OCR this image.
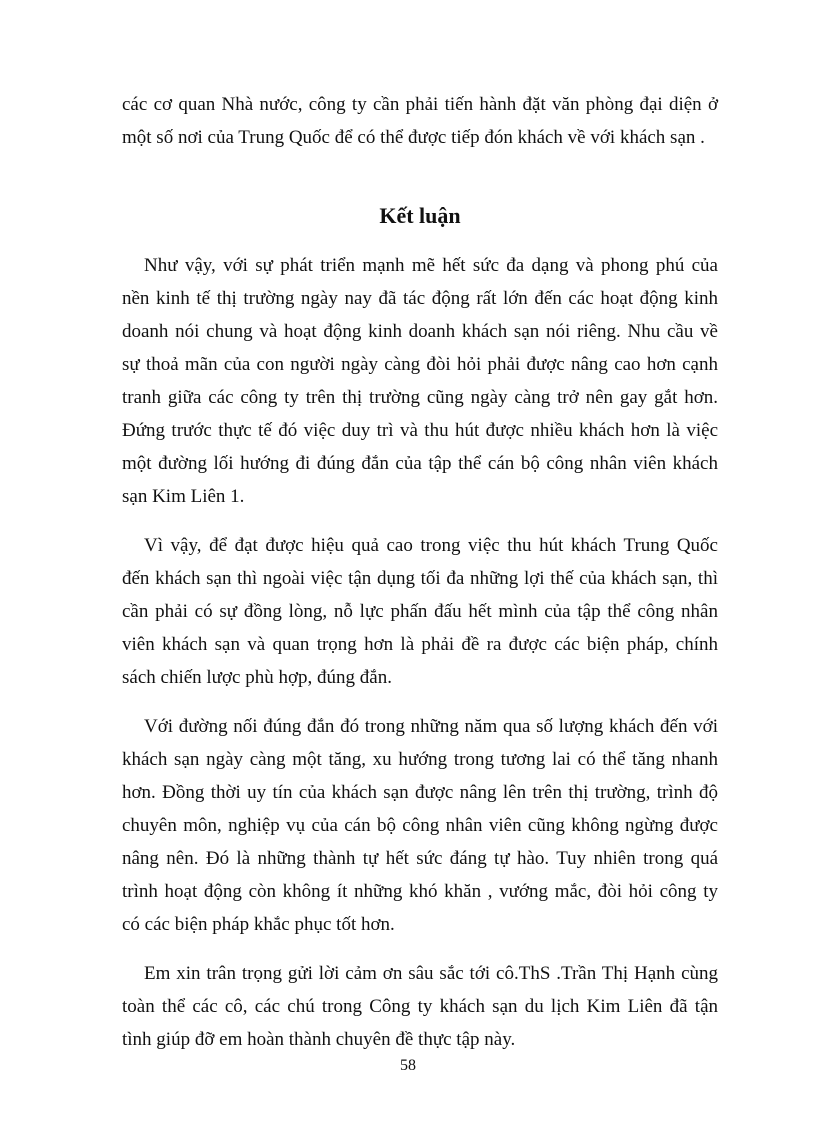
các cơ quan Nhà nước, công ty cần phải tiến hành đặt văn phòng đại diện ở
một số nơi của Trung Quốc để có thể được tiếp đón khách về với khách sạn .

Kết luận

Như vậy, với sự phát triển mạnh mẽ hết sức đa dạng và phong phú của
nền kinh tế thị trường ngày nay đã tác động rất lớn đến các hoạt động kinh
doanh nói chung và hoạt động kinh doanh khách sạn nói riêng. Nhu cầu về
sự thoả mãn của con người ngày càng đòi hỏi phải được nâng cao hơn cạnh
tranh giữa các công ty trên thị trường cũng ngày càng trở nên gay gắt hơn.
Đứng trước thực tế đó việc duy trì và thu hút được nhiều khách hơn là việc
một đường lối hướng đi đúng đắn của tập thể cán bộ công nhân viên khách
sạn Kim Liên 1.

Vì vậy, để đạt được hiệu quả cao trong việc thu hút khách Trung Quốc
đến khách sạn thì ngoài việc tận dụng tối đa những lợi thế của khách sạn, thì
cần phải có sự đồng lòng, nỗ lực phấn đấu hết mình của tập thể công nhân
viên khách sạn và quan trọng hơn là phải đề ra được các biện pháp, chính
sách chiến lược phù hợp, đúng đắn.

Với đường nối đúng đắn đó trong những năm qua số lượng khách đến với
khách sạn ngày càng một tăng, xu hướng trong tương lai có thể tăng nhanh
hơn. Đồng thời uy tín của khách sạn được nâng lên trên thị trường, trình độ
chuyên môn, nghiệp vụ của cán bộ công nhân viên cũng không ngừng được
nâng nên. Đó là những thành tự hết sức đáng tự hào. Tuy nhiên trong quá
trình hoạt động còn không ít những khó khăn , vướng mắc, đòi hỏi công ty
có các biện pháp khắc phục tốt hơn.

Em xin trân trọng gửi lời cảm ơn sâu sắc tới cô.ThS .Trần Thị Hạnh cùng
toàn thể các cô, các chú trong Công ty khách sạn du lịch Kim Liên đã tận
tình giúp đỡ em hoàn thành chuyên đề thực tập này.

58
